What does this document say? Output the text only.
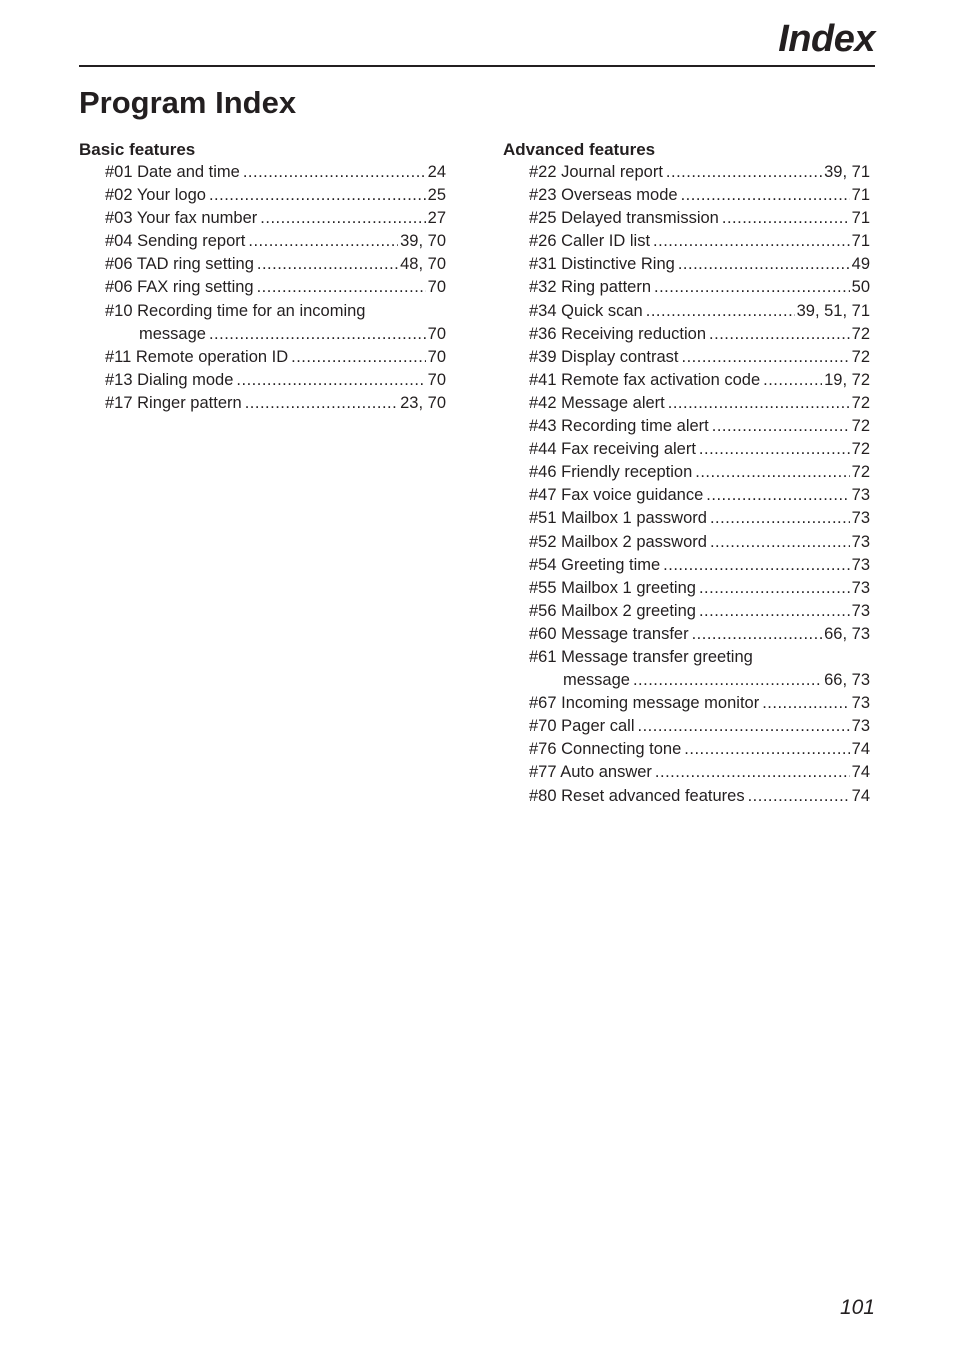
Index
Program Index
Basic features
#01 Date and time .....	24
#02 Your logo .....	25
#03 Your fax number .....	27
#04 Sending report .....	39, 70
#06 TAD ring setting .....	48, 70
#06 FAX ring setting .....	70
#10 Recording time for an incoming
message .....	70
#11 Remote operation ID .....	70
#13 Dialing mode .....	70
#17 Ringer pattern .....	23, 70
Advanced features
#22 Journal report .....	39, 71
#23 Overseas mode .....	71
#25 Delayed transmission .....	71
#26 Caller ID list .....	71
#31 Distinctive Ring .....	49
#32 Ring pattern .....	50
#34 Quick scan .....	39, 51, 71
#36 Receiving reduction .....	72
#39 Display contrast .....	72
#41 Remote fax activation code .....	19, 72
#42 Message alert .....	72
#43 Recording time alert .....	72
#44 Fax receiving alert .....	72
#46 Friendly reception .....	72
#47 Fax voice guidance .....	73
#51 Mailbox 1 password .....	73
#52 Mailbox 2 password .....	73
#54 Greeting time .....	73
#55 Mailbox 1 greeting .....	73
#56 Mailbox 2 greeting .....	73
#60 Message transfer .....	66, 73
#61 Message transfer greeting
message .....	66, 73
#67 Incoming message monitor .....	73
#70 Pager call .....	73
#76 Connecting tone .....	74
#77 Auto answer .....	74
#80 Reset advanced features .....	74
101
